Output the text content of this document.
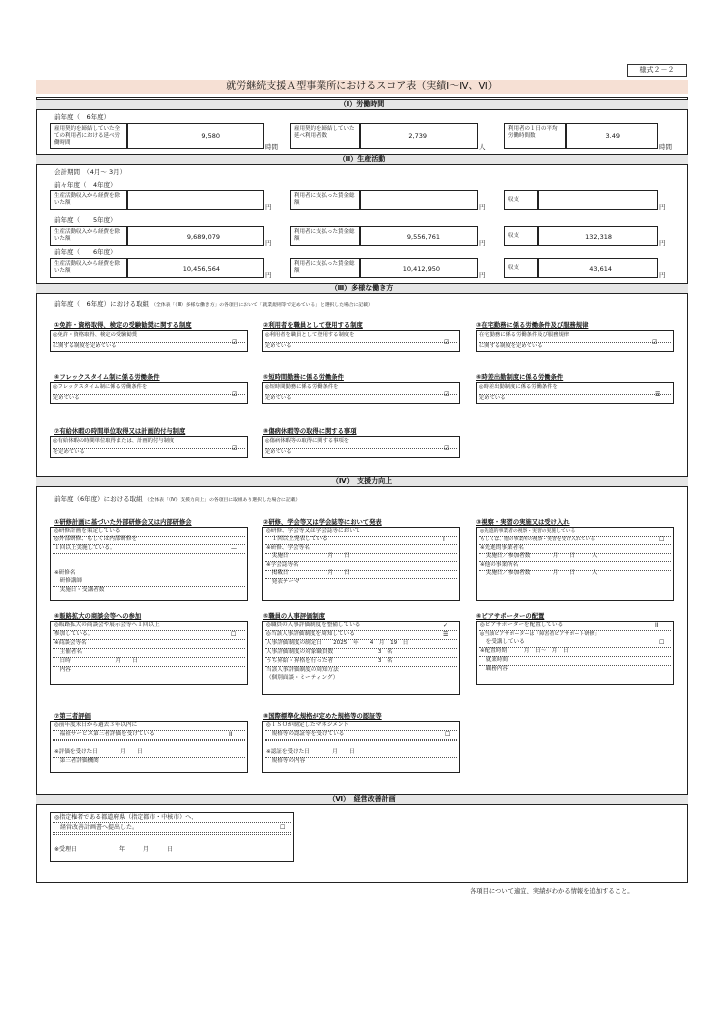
様式２－２
就労継続支援Ａ型事業所におけるスコア表（実績Ⅰ～Ⅳ、Ⅵ）
（Ⅰ）労働時間
前年度（　6年度）
雇用契約を締結していた全ての利用者における延べ労働時間
9,580
時間
雇用契約を締結していた延べ利用者数	2,739
人
利用者の１日の平均労働時間数	3.49
時間
（Ⅱ）生産活動
会計期間　（4月～ 3月）
前々年度（　4年度）
生産活動収入から経費を除いた額	円
利用者に支払った賃金総額	円
収支
円
前年度（　　5年度）
生産活動収入から経費を除いた額	9,689,079
円
利用者に支払った賃金総額	9,556,761
円
収支	132,318
円
前年度（　　6年度）
生産活動収入から経費を除いた額	10,456,564
円
利用者に支払った賃金総額	10,412,950
円
収支	43,614
円
（Ⅲ）多様な働き方
前年度（　6年度）における取組 （全体表「（Ⅲ）多様な働き方」の各項目において「就業規則等で定めている」と選択した場合に記載）
①免許・資格取得、検定の受験勧奨に関する制度
◎免許・資格取得、検定の受験勧奨
に関する制度を定めている	☑
②利用者を職員として登用する制度
◎利用者を職員として登用する制度を
定めている	☑
③在宅勤務に係る労働条件及び服務規律
在宅勤務に係る労働条件及び服務規律
に関する制度を定めている	☑
④フレックスタイム制に係る労働条件
◎フレックスタイム制に係る労働条件を
定めている	☑
⑤短時間勤務に係る労働条件
◎短時間勤務に係る労働条件を
定めている	☑
⑥時差出勤制度に係る労働条件
◎時差出勤制度に係る労働条件を
定めている	☰
⑦有給休暇の時間単位取得又は計画的付与制度
◎有給休暇の時間単位取得または、計画的付与制度
を定めている	☑
⑧傷病休暇等の取得に関する事項
◎傷病休暇等の取得に関する事項を
定めている	☑
（Ⅳ）　支援力向上
前年度（6年度）における取組 （全体表「（Ⅳ）支援力向上」の各項目に取組あり選択した場合に記載）
①研修計画に基づいた外部研修会又は内部研修会
◎研修計画を策定している
◎外部研修、もしくは内部研修を
１回以上実施している。	—
※研修名
　研修講師
　実施日・受講者数
②研修、学会等又は学会誌等において発表
◎研修、学会等又は学会誌等において
　１回以上発表している	Ⅰ
※研修、学会等名
　実施日　　　　　　　月　　日
※学会誌等名
　掲載日　　　　　　　月　　日
　発表テーマ
③視察・実習の実施又は受け入れ
◎先進的事業者の視察・実習の実施している
もしくは、他の事業所の視察・実習を受け入れている	☐
※先進的事業者名
　実施日／参加者数　　　　月　　日　　　人
※他の事業所名
　実施日／参加者数　　　　月　　日　　　人
④販路拡大の商談会等への参加
◎販路拡大の商談会や展示会等へ１回以上
参加している。	☐
※商談会等名
　主催者名
　日時　　　　　　　　月　　日
　内容
⑤職員の人事評価制度
◎職員の人事評価制度を整備している	✓
◎当該人事評価制度を周知している	☰
人事評価制度の制定日　　2025　年　　4　月　19　日
人事評価制度の対象職員数　　　　　　　　3　名
うち昇給・昇格を行った者　　　　　　　　3　名
当該人事評価制度の周知方法
（個別面談・ミーティング）
⑥ピアサポーターの配置
◎ピアサポーターを配置している	ⅠⅠ
◎当該ピアサポーターは「障害者ピアサポート研修」
　を受講している	☐
※配置時期　　　月　日～　月　日
　就業時間
　職務内容
⑦第三者評価
◎前年度末日から過去３年以内に
　福祉サービス第三者評価を受けている	ⅠⅠ
※評価を受けた日　　　　月　　日
　第三者評価機関
⑧国際標準化規格が定めた規格等の認証等
◎ＩＳＯが制定したマネジメント
　規格等の認証等を受けている	☐
※認証を受けた日　　　　月　　日
　規格等の内容
（Ⅵ）　経営改善計画
◎指定権者である都道府県（指定都市・中核市）へ、
　経営改善計画書へ提出した。	☐
※受理日　　　　　　　年　　　月　　　日
各項目について適宜、実績がわかる情報を追加すること。
